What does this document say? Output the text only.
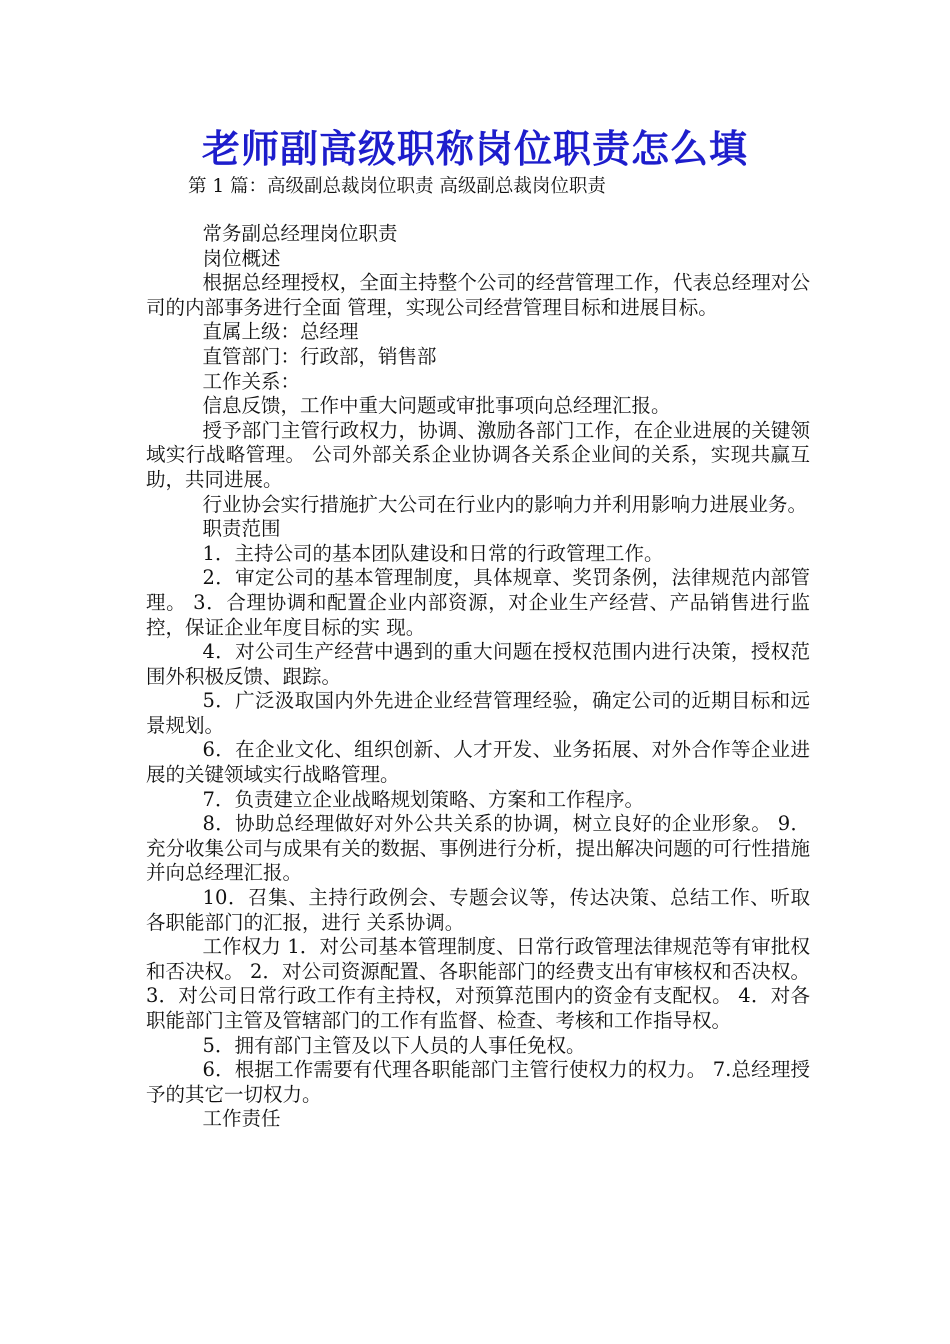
老师副高级职称岗位职责怎么填
第 1 篇：高级副总裁岗位职责 高级副总裁岗位职责

常务副总经理岗位职责

岗位概述

根据总经理授权，全面主持整个公司的经营管理工作，代表总经理对公司的内部事务进行全面 管理，实现公司经营管理目标和进展目标。

直属上级：总经理

直管部门：行政部，销售部

工作关系：

信息反馈，工作中重大问题或审批事项向总经理汇报。

授予部门主管行政权力，协调、激励各部门工作，在企业进展的关键领域实行战略管理。 公司外部关系企业协调各关系企业间的关系，实现共赢互助，共同进展。

行业协会实行措施扩大公司在行业内的影响力并利用影响力进展业务。

职责范围

1．主持公司的基本团队建设和日常的行政管理工作。

2．审定公司的基本管理制度，具体规章、奖罚条例，法律规范内部管理。 3．合理协调和配置企业内部资源，对企业生产经营、产品销售进行监控，保证企业年度目标的实 现。

4．对公司生产经营中遇到的重大问题在授权范围内进行决策，授权范围外积极反馈、跟踪。

5．广泛汲取国内外先进企业经营管理经验，确定公司的近期目标和远景规划。

6．在企业文化、组织创新、人才开发、业务拓展、对外合作等企业进展的关键领域实行战略管理。

7．负责建立企业战略规划策略、方案和工作程序。

8．协助总经理做好对外公共关系的协调，树立良好的企业形象。 9．充分收集公司与成果有关的数据、事例进行分析，提出解决问题的可行性措施并向总经理汇报。

10．召集、主持行政例会、专题会议等，传达决策、总结工作、听取各职能部门的汇报，进行 关系协调。

工作权力 1．对公司基本管理制度、日常行政管理法律规范等有审批权和否决权。 2．对公司资源配置、各职能部门的经费支出有审核权和否决权。 3．对公司日常行政工作有主持权，对预算范围内的资金有支配权。 4．对各职能部门主管及管辖部门的工作有监督、检查、考核和工作指导权。

5．拥有部门主管及以下人员的人事任免权。

6．根据工作需要有代理各职能部门主管行使权力的权力。 7.总经理授予的其它一切权力。

工作责任
